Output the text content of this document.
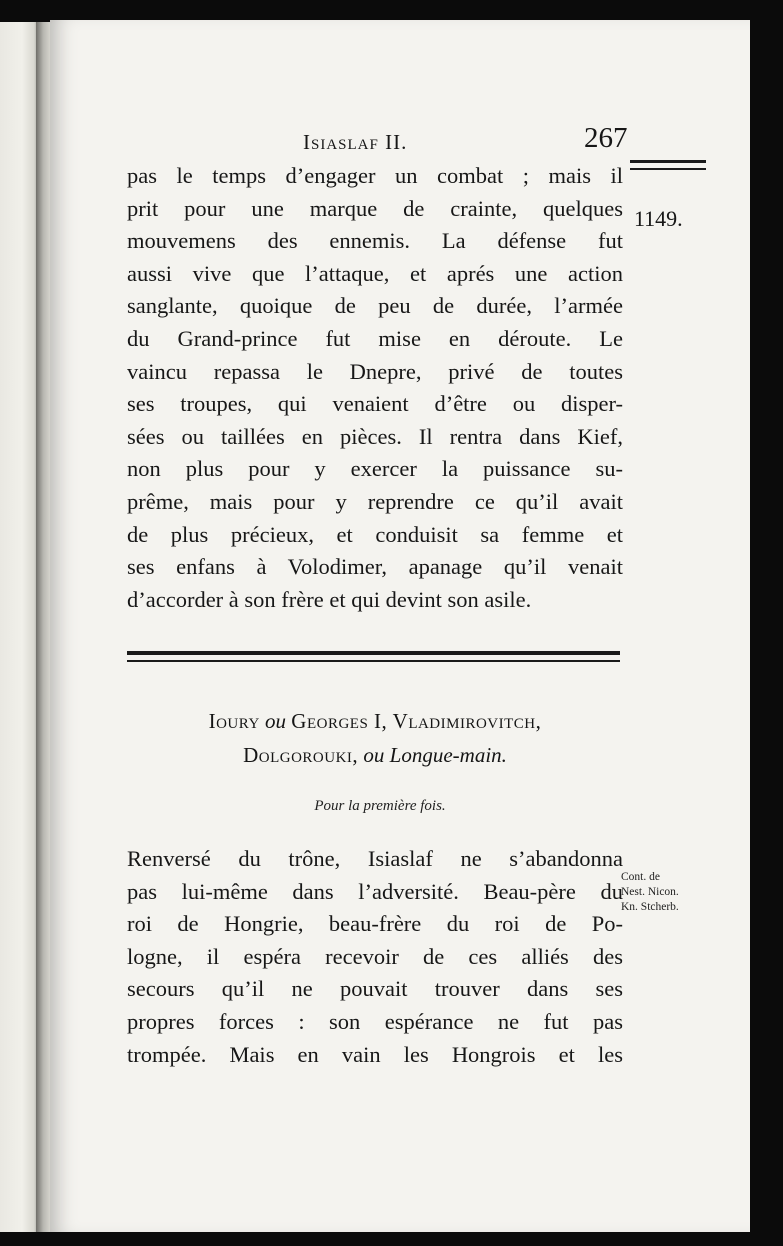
Isiaslaf II.	267
1149.
pas le temps d’engager un combat ; mais il
prit pour une marque de crainte, quelques
mouvemens des ennemis. La défense fut
aussi vive que l’attaque, et aprés une action
sanglante, quoique de peu de durée, l’armée
du Grand-prince fut mise en déroute. Le
vaincu repassa le Dnepre, privé de toutes
ses troupes, qui venaient d’être ou disper-
sées ou taillées en pièces. Il rentra dans Kief,
non plus pour y exercer la puissance su-
prême, mais pour y reprendre ce qu’il avait
de plus précieux, et conduisit sa femme et
ses enfans à Volodimer, apanage qu’il venait
d’accorder à son frère et qui devint son asile.
Ioury ou Georges I, Vladimirovitch,
Dolgorouki, ou Longue-main.
Pour la première fois.
Renversé du trône, Isiaslaf ne s’abandonna
pas lui-même dans l’adversité. Beau-père du
roi de Hongrie, beau-frère du roi de Po-
logne, il espéra recevoir de ces alliés des
secours qu’il ne pouvait trouver dans ses
propres forces : son espérance ne fut pas
trompée. Mais en vain les Hongrois et les
Cont. de
Nest. Nicon.
Kn. Stcherb.
